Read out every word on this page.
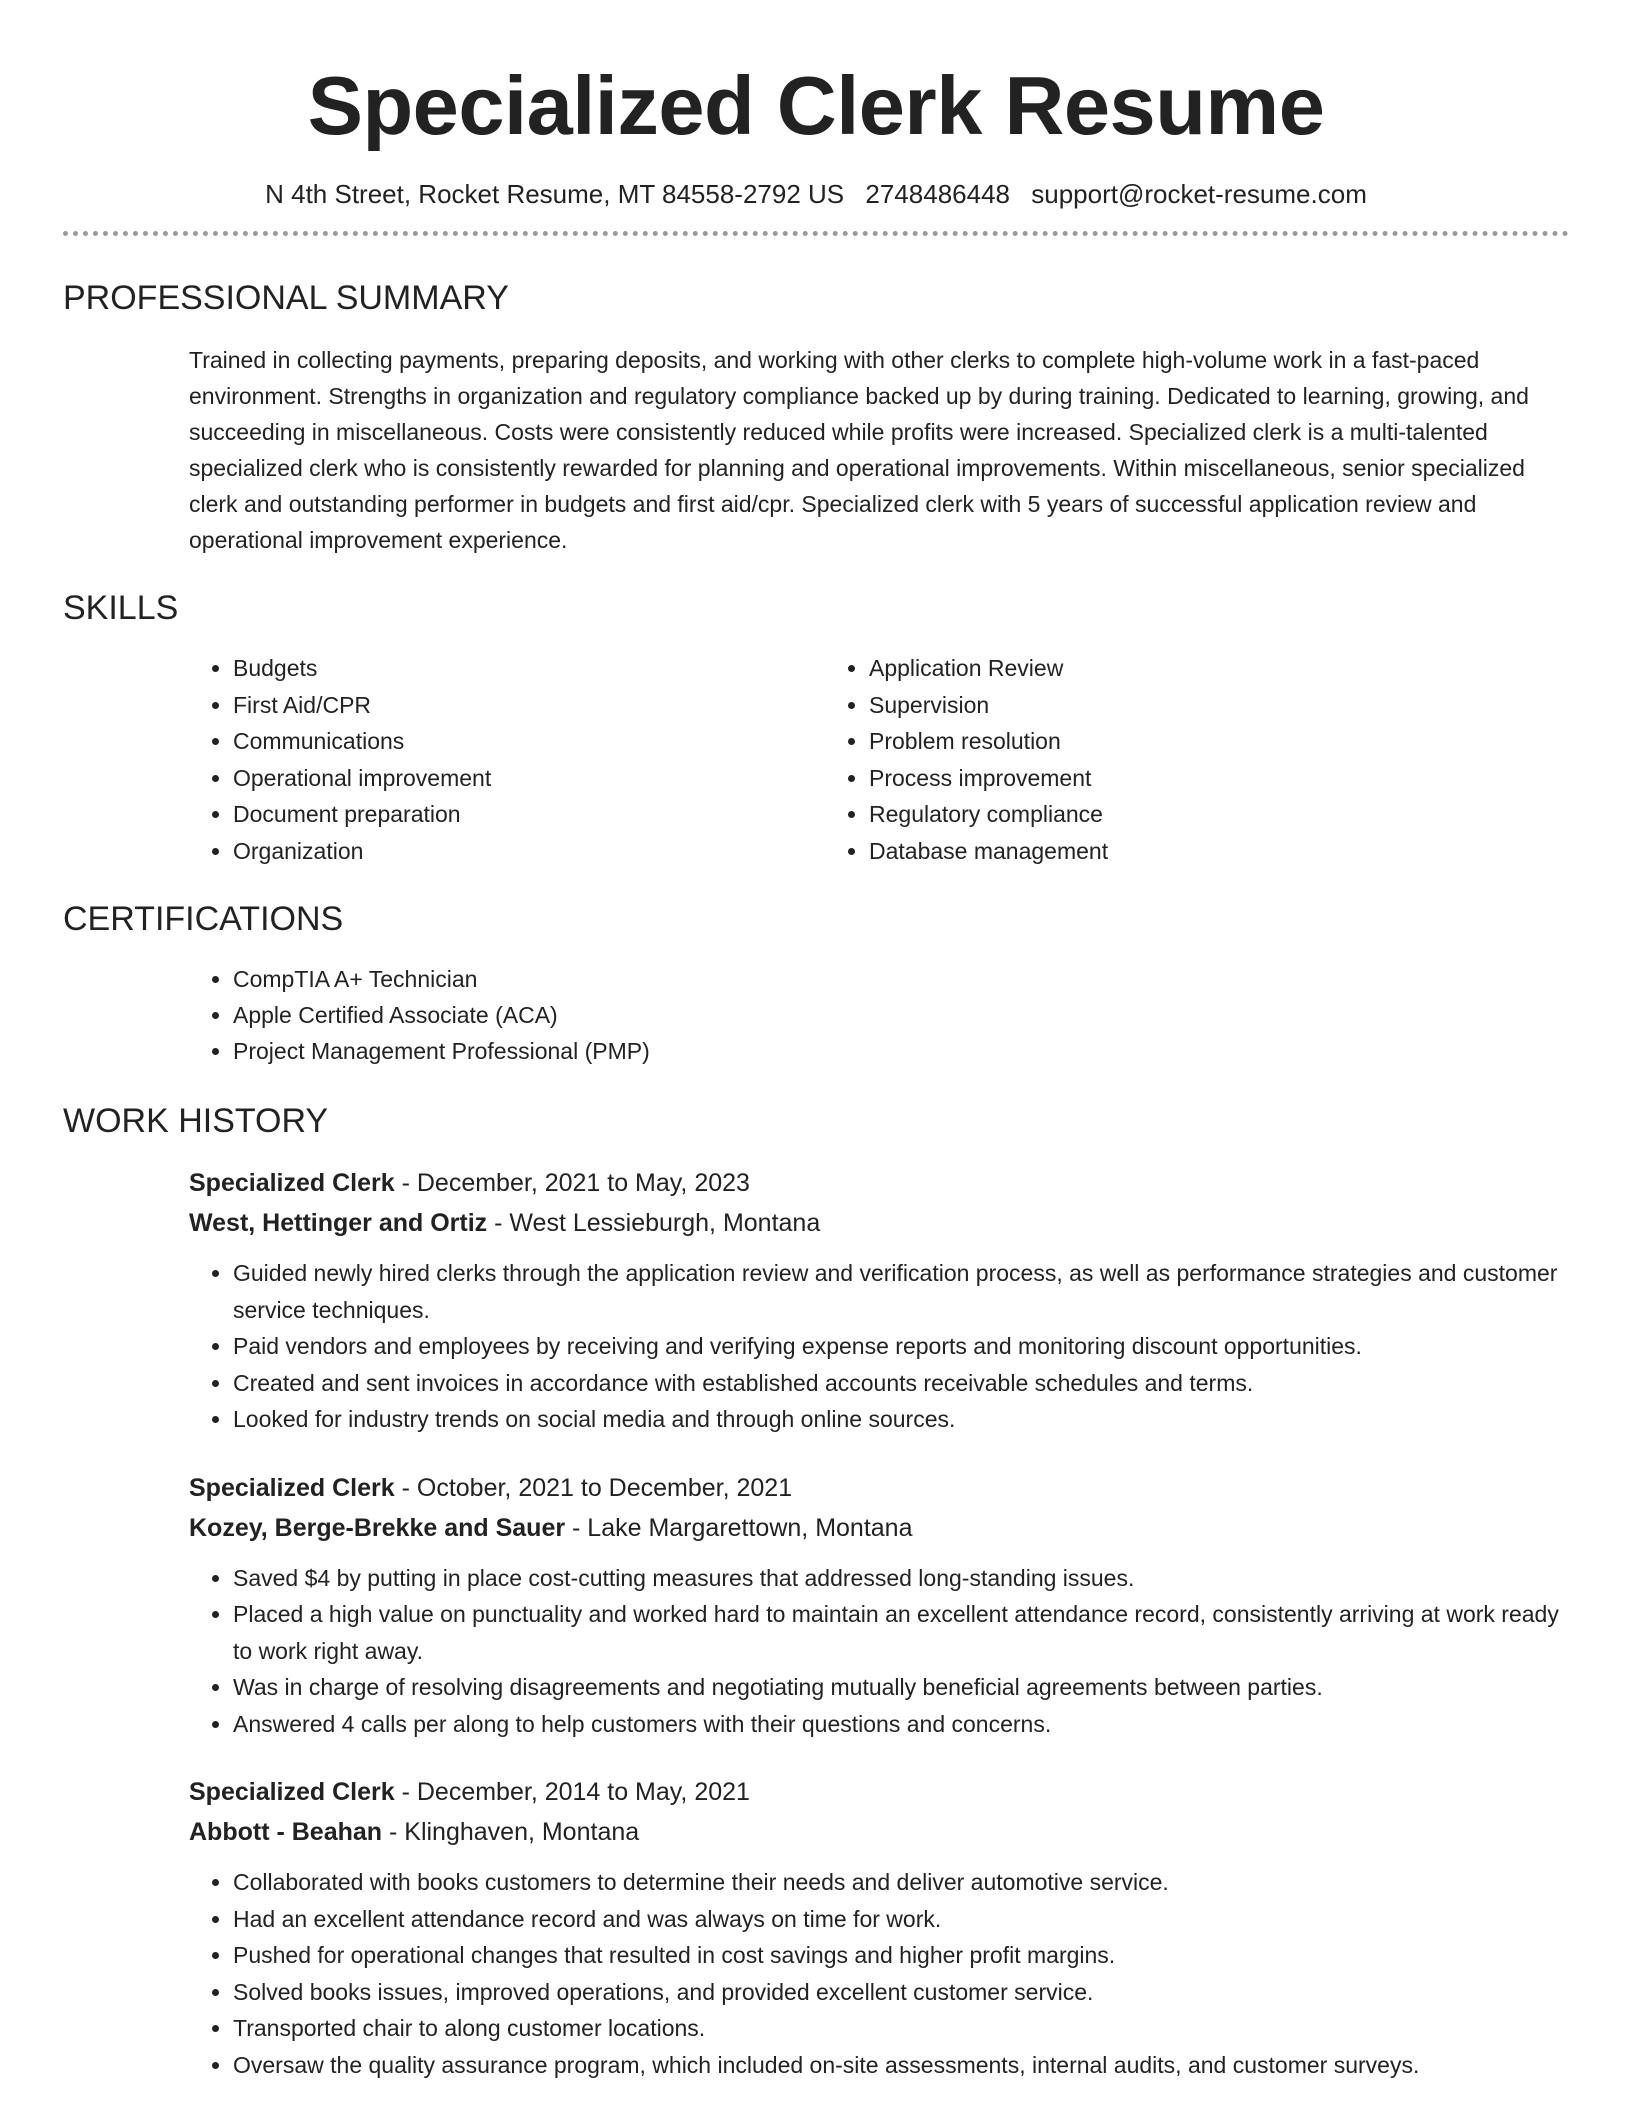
Specialized Clerk Resume
N 4th Street, Rocket Resume, MT 84558-2792 US 2748486448 support@rocket-resume.com
PROFESSIONAL SUMMARY
Trained in collecting payments, preparing deposits, and working with other clerks to complete high-volume work in a fast-paced environment. Strengths in organization and regulatory compliance backed up by during training. Dedicated to learning, growing, and succeeding in miscellaneous. Costs were consistently reduced while profits were increased. Specialized clerk is a multi-talented specialized clerk who is consistently rewarded for planning and operational improvements. Within miscellaneous, senior specialized clerk and outstanding performer in budgets and first aid/cpr. Specialized clerk with 5 years of successful application review and operational improvement experience.
SKILLS
• Budgets
• First Aid/CPR
• Communications
• Operational improvement
• Document preparation
• Organization
• Application Review
• Supervision
• Problem resolution
• Process improvement
• Regulatory compliance
• Database management
CERTIFICATIONS
• CompTIA A+ Technician
• Apple Certified Associate (ACA)
• Project Management Professional (PMP)
WORK HISTORY
Specialized Clerk - December, 2021 to May, 2023
West, Hettinger and Ortiz - West Lessieburgh, Montana
• Guided newly hired clerks through the application review and verification process, as well as performance strategies and customer service techniques.
• Paid vendors and employees by receiving and verifying expense reports and monitoring discount opportunities.
• Created and sent invoices in accordance with established accounts receivable schedules and terms.
• Looked for industry trends on social media and through online sources.
Specialized Clerk - October, 2021 to December, 2021
Kozey, Berge-Brekke and Sauer - Lake Margarettown, Montana
• Saved $4 by putting in place cost-cutting measures that addressed long-standing issues.
• Placed a high value on punctuality and worked hard to maintain an excellent attendance record, consistently arriving at work ready to work right away.
• Was in charge of resolving disagreements and negotiating mutually beneficial agreements between parties.
• Answered 4 calls per along to help customers with their questions and concerns.
Specialized Clerk - December, 2014 to May, 2021
Abbott - Beahan - Klinghaven, Montana
• Collaborated with books customers to determine their needs and deliver automotive service.
• Had an excellent attendance record and was always on time for work.
• Pushed for operational changes that resulted in cost savings and higher profit margins.
• Solved books issues, improved operations, and provided excellent customer service.
• Transported chair to along customer locations.
• Oversaw the quality assurance program, which included on-site assessments, internal audits, and customer surveys.
